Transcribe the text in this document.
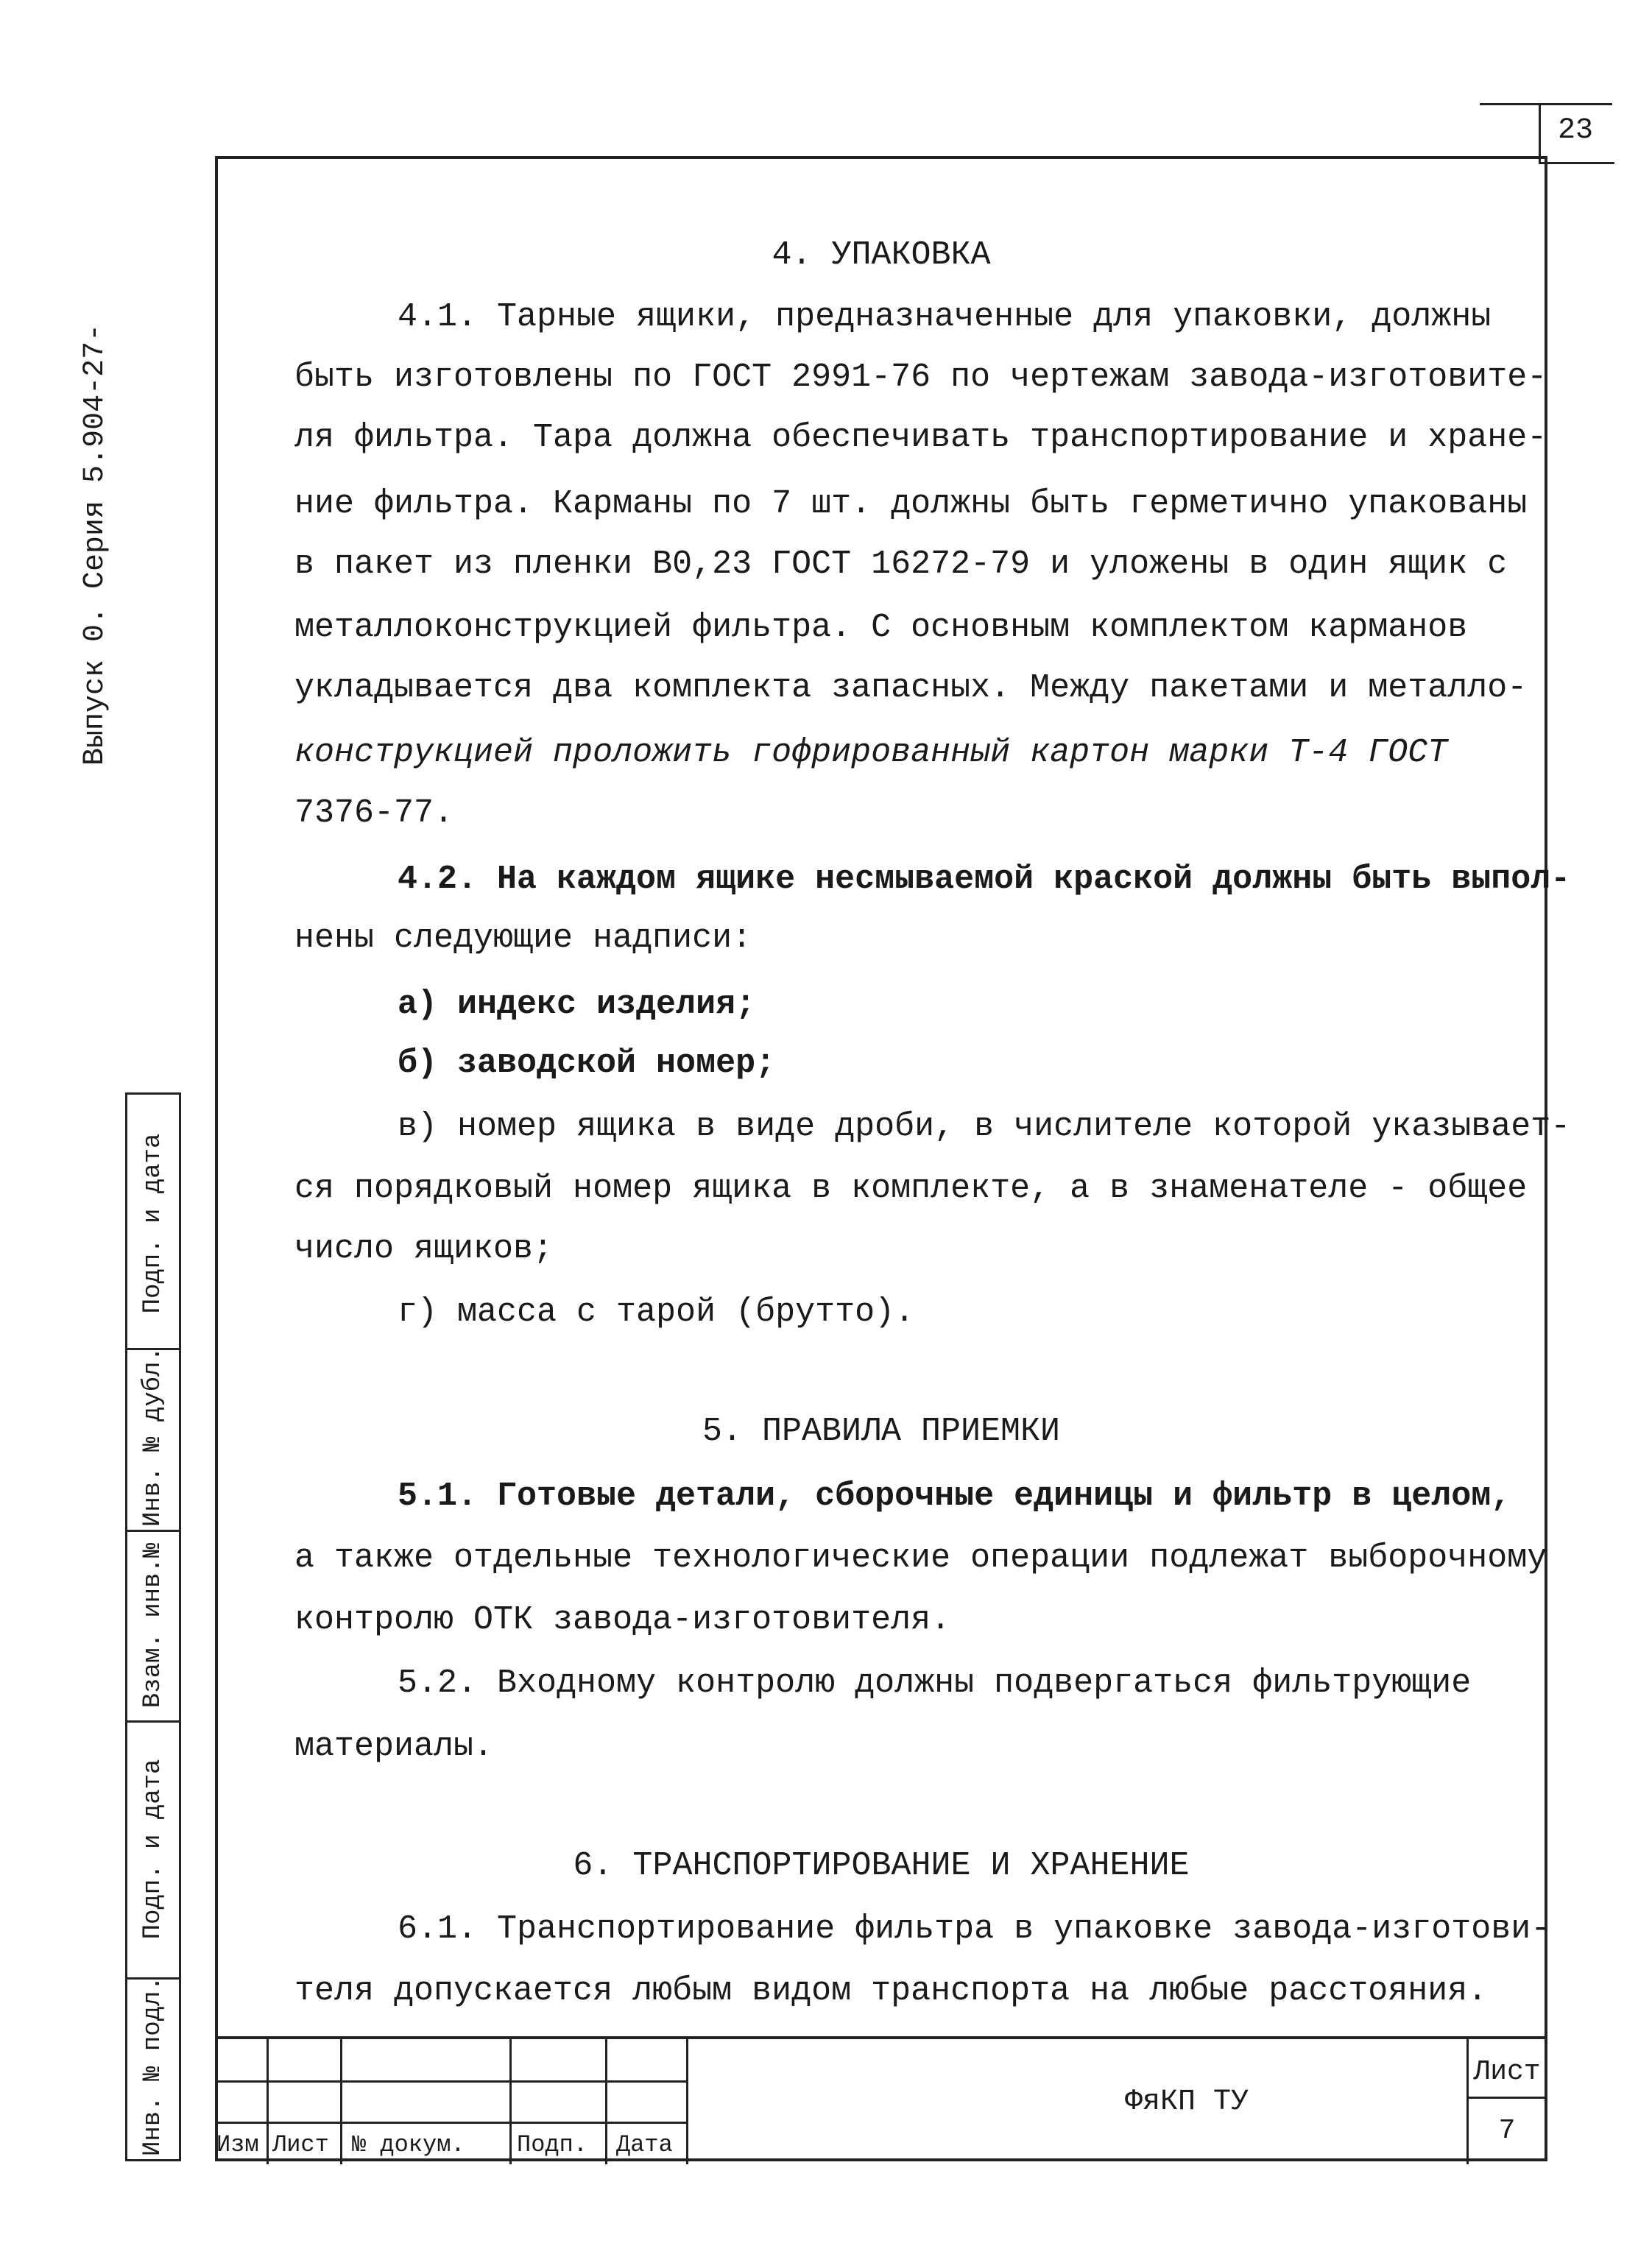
23
Выпуск 0. Серия 5.904-27-
Подп. и дата
Инв. № дубл.
Взам. инв.№
Подп. и дата
Инв. № подл.
4. УПАКОВКА
4.1. Тарные ящики, предназначенные для упаковки, должны
быть изготовлены по ГОСТ 2991-76 по чертежам завода-изготовите-
ля фильтра. Тара должна обеспечивать транспортирование и хране-
ние фильтра. Карманы по 7 шт. должны быть герметично упакованы
в пакет из пленки В0,23 ГОСТ 16272-79 и уложены в один ящик с
металлоконструкцией фильтра. С основным комплектом карманов
укладывается два комплекта запасных. Между пакетами и металло-
конструкцией проложить гофрированный картон марки Т-4 ГОСТ
7376-77.
4.2. На каждом ящике несмываемой краской должны быть выпол-
нены следующие надписи:
а) индекс изделия;
б) заводской номер;
в) номер ящика в виде дроби, в числителе которой указывает-
ся порядковый номер ящика в комплекте, а в знаменателе - общее
число ящиков;
г) масса с тарой (брутто).
5. ПРАВИЛА ПРИЕМКИ
5.1. Готовые детали, сборочные единицы и фильтр в целом,
а также отдельные технологические операции подлежат выборочному
контролю ОТК завода-изготовителя.
5.2. Входному контролю должны подвергаться фильтрующие
материалы.
6. ТРАНСПОРТИРОВАНИЕ И ХРАНЕНИЕ
6.1. Транспортирование фильтра в упаковке завода-изготови-
теля допускается любым видом транспорта на любые расстояния.
Изм Лист № докум. Подп. Дата
ФяКП ТУ
Лист
7
